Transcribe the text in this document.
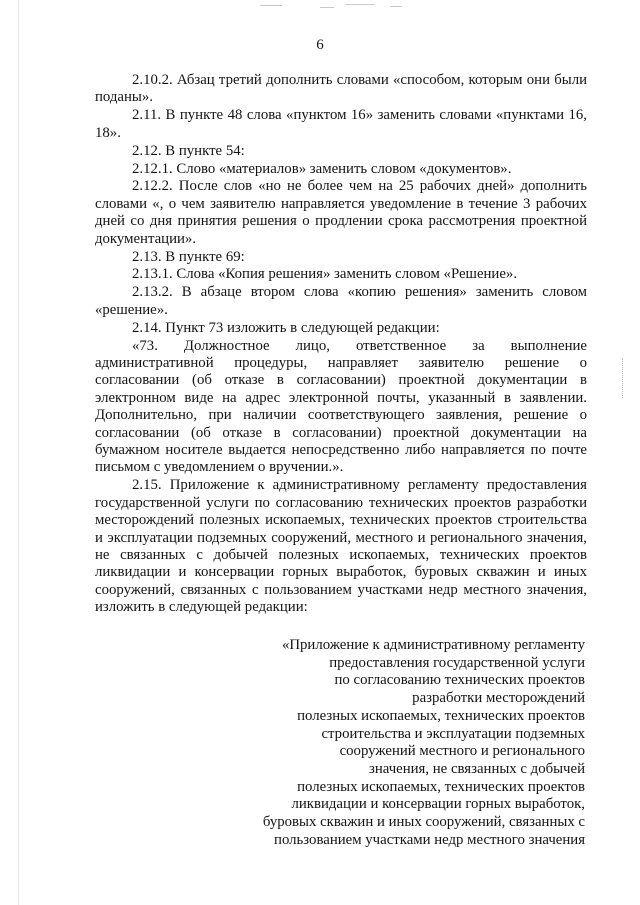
6

2.10.2. Абзац третий дополнить словами «способом, которым они были поданы».

2.11. В пункте 48 слова «пунктом 16» заменить словами «пунктами 16, 18».

2.12. В пункте 54:

2.12.1. Слово «материалов» заменить словом «документов».

2.12.2. После слов «но не более чем на 25 рабочих дней» дополнить словами «, о чем заявителю направляется уведомление в течение 3 рабочих дней со дня принятия решения о продлении срока рассмотрения проектной документации».

2.13. В пункте 69:

2.13.1. Слова «Копия решения» заменить словом «Решение».

2.13.2. В абзаце втором слова «копию решения» заменить словом «решение».

2.14. Пункт 73 изложить в следующей редакции:

«73. Должностное лицо, ответственное за выполнение административной процедуры, направляет заявителю решение о согласовании (об отказе в согласовании) проектной документации в электронном виде на адрес электронной почты, указанный в заявлении. Дополнительно, при наличии соответствующего заявления, решение о согласовании (об отказе в согласовании) проектной документации на бумажном носителе выдается непосредственно либо направляется по почте письмом с уведомлением о вручении.».

2.15. Приложение к административному регламенту предоставления государственной услуги по согласованию технических проектов разработки месторождений полезных ископаемых, технических проектов строительства и эксплуатации подземных сооружений, местного и регионального значения, не связанных с добычей полезных ископаемых, технических проектов ликвидации и консервации горных выработок, буровых скважин и иных сооружений, связанных с пользованием участками недр местного значения, изложить в следующей редакции:

«Приложение к административному регламенту
предоставления государственной услуги
по согласованию технических проектов
разработки месторождений
полезных ископаемых, технических проектов
строительства и эксплуатации подземных
сооружений местного и регионального
значения, не связанных с добычей
полезных ископаемых, технических проектов
ликвидации и консервации горных выработок,
буровых скважин и иных сооружений, связанных с
пользованием участками недр местного значения
